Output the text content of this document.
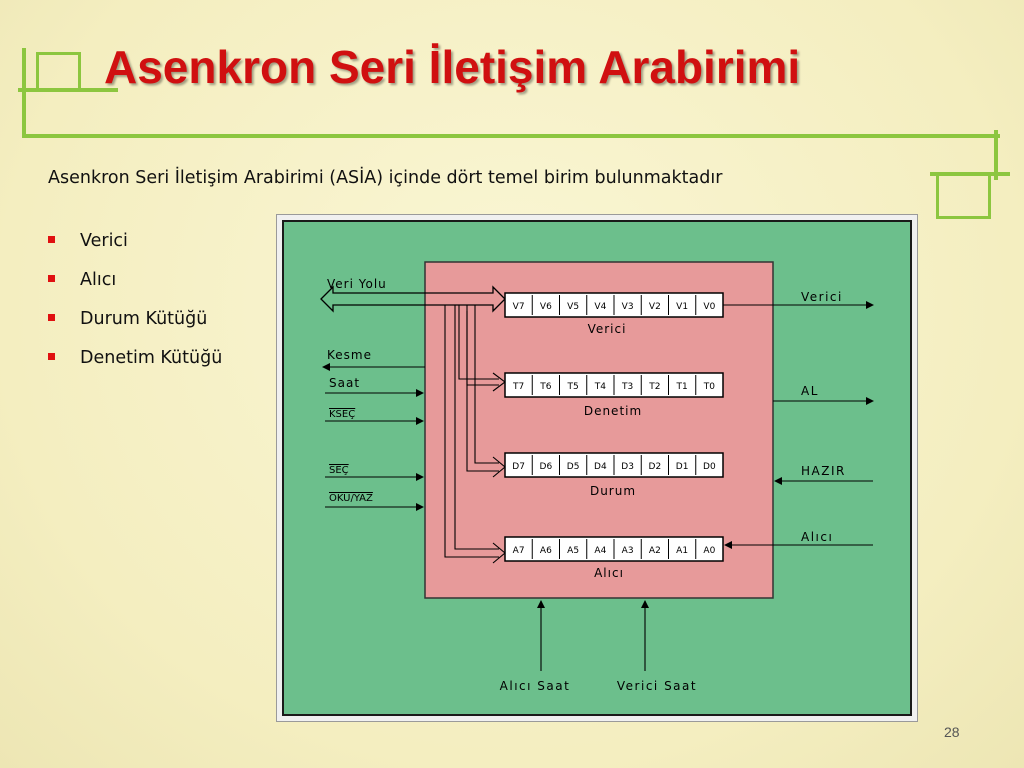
Asenkron Seri İletişim Arabirimi
Asenkron Seri İletişim Arabirimi (ASİA) içinde dört temel birim bulunmaktadır
Verici
Alıcı
Durum Kütüğü
Denetim Kütüğü
Veri Yolu
V7 V6 V5 V4 V3 V2 V1 V0
Verici
T7 T6 T5 T4 T3 T2 T1 T0
Denetim
D7 D6 D5 D4 D3 D2 D1 D0
Durum
A7 A6 A5 A4 A3 A2 A1 A0
Alıcı
Kesme
Saat
KSEÇ
SEÇ
OKU/YAZ
Verici
AL
HAZIR
Alıcı
Alıcı Saat	Verici Saat
28
